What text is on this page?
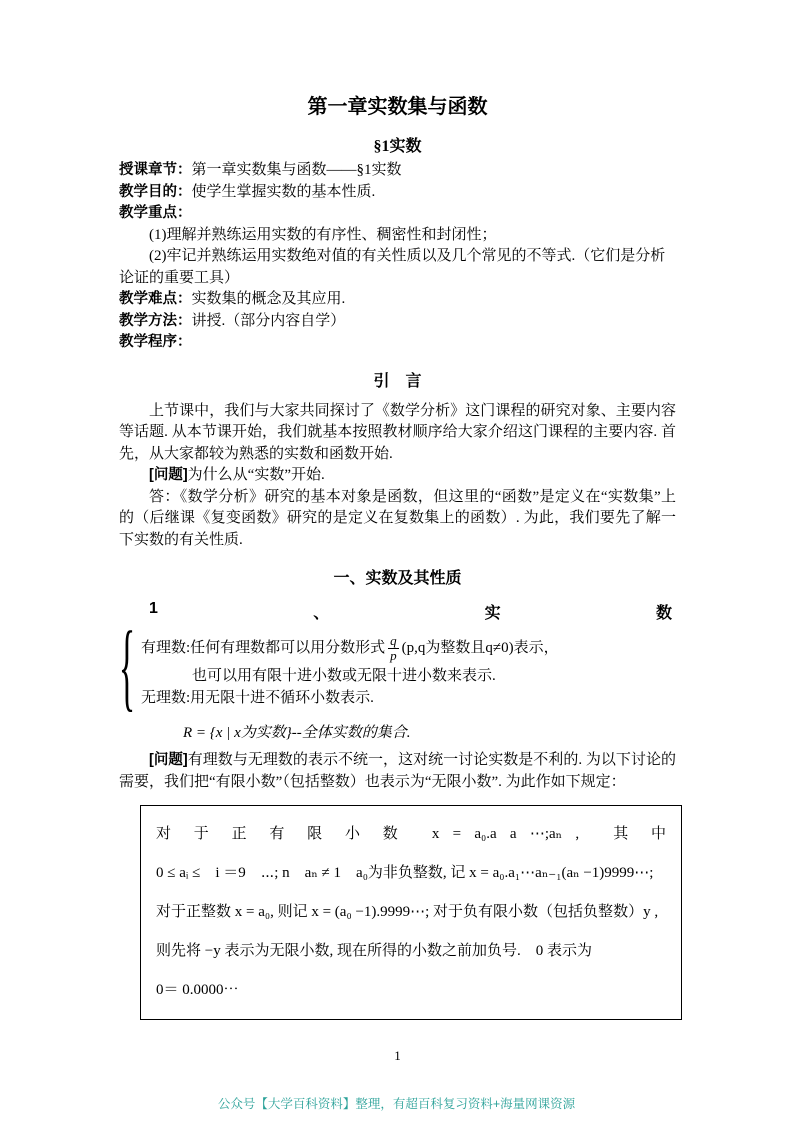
第一章实数集与函数
§1实数

授课章节：第一章实数集与函数——§1实数

教学目的：使学生掌握实数的基本性质.

教学重点：

(1)理解并熟练运用实数的有序性、稠密性和封闭性；

(2)牢记并熟练运用实数绝对值的有关性质以及几个常见的不等式.（它们是分析论证的重要工具）

教学难点：实数集的概念及其应用.

教学方法：讲授.（部分内容自学）

教学程序：

引　言

上节课中，我们与大家共同探讨了《数学分析》这门课程的研究对象、主要内容等话题. 从本节课开始，我们就基本按照教材顺序给大家介绍这门课程的主要内容. 首先，从大家都较为熟悉的实数和函数开始.

[问题]为什么从“实数”开始.

答：《数学分析》研究的基本对象是函数，但这里的“函数”是定义在“实数集”上的（后继课《复变函数》研究的是定义在复数集上的函数）. 为此，我们要先了解一下实数的有关性质.

一、实数及其性质
1	、	实	数
{ 有理数:任何有理数都可以用分数形式 $\frac{q}{p} (p,q$为整数且q≠0)表示，
也可以用有限十进小数或无限十进小数来表示.
无理数:用无限十进不循环小数表示.

R = {x | x为实数}--全体实数的集合.

[问题]有理数与无理数的表示不统一，这对统一讨论实数是不利的. 为以下讨论的需要，我们把“有限小数”（包括整数）也表示为“无限小数”. 为此作如下规定：

对 于 正 有 限 小 数　x = a₀.a a ⋯;aₙ ,　其 中
0 ≤ aᵢ ≤　i ＝9　⋯; n　aₙ ≠ 1　a₀为非负整数, 记 x = a₀.a₁⋯aₙ₋₁(aₙ −1)9999⋯;
对于正整数 x = a₀, 则记 x = (a₀ −1).9999⋯; 对于负有限小数（包括负整数）y ,
则先将 −y 表示为无限小数, 现在所得的小数之前加负号.　0 表示为
0＝ 0.0000⋯
1
公众号【大学百科资料】整理，有超百科复习资料+海量网课资源
